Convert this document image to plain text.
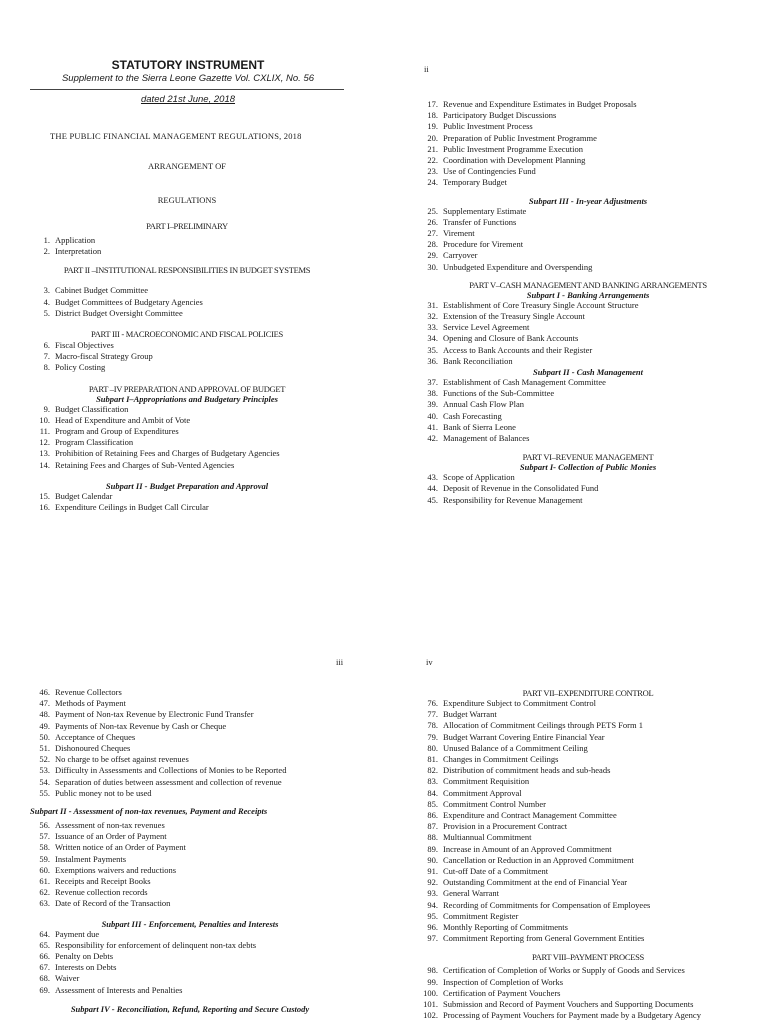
ii
iii	iv
STATUTORY INSTRUMENT
Supplement to the Sierra Leone Gazette Vol. CXLIX, No. 56
dated 21st June, 2018
THE PUBLIC FINANCIAL MANAGEMENT REGULATIONS, 2018
ARRANGEMENT OF
REGULATIONS
PART I–PRELIMINARY
1. Application
2. Interpretation
PART II –INSTITUTIONAL RESPONSIBILITIES IN BUDGET SYSTEMS
3. Cabinet Budget Committee
4. Budget Committees of Budgetary Agencies
5. District Budget Oversight Committee
PART III - MACROECONOMIC AND FISCAL POLICIES
6. Fiscal Objectives
7. Macro-fiscal Strategy Group
8. Policy Costing
PART –IV PREPARATION AND APPROVAL OF BUDGET
Subpart I–Appropriations and Budgetary Principles
9. Budget Classification
10. Head of Expenditure and Ambit of Vote
11. Program and Group of Expenditures
12. Program Classification
13. Prohibition of Retaining Fees and Charges of Budgetary Agencies
14. Retaining Fees and Charges of Sub-Vented Agencies
Subpart II - Budget Preparation and Approval
15. Budget Calendar
16. Expenditure Ceilings in Budget Call Circular
17. Revenue and Expenditure Estimates in Budget Proposals
18. Participatory Budget Discussions
19. Public Investment Process
20. Preparation of Public Investment Programme
21. Public Investment Programme Execution
22. Coordination with Development Planning
23. Use of Contingencies Fund
24. Temporary Budget
Subpart III - In-year Adjustments
25. Supplementary Estimate
26. Transfer of Functions
27. Virement
28. Procedure for Virement
29. Carryover
30. Unbudgeted Expenditure and Overspending
PART V–CASH MANAGEMENT AND BANKING ARRANGEMENTS
Subpart I - Banking Arrangements
31. Establishment of Core Treasury Single Account Structure
32. Extension of the Treasury Single Account
33. Service Level Agreement
34. Opening and Closure of Bank Accounts
35. Access to Bank Accounts and their Register
36. Bank Reconciliation
Subpart II - Cash Management
37. Establishment of Cash Management Committee
38. Functions of the Sub-Committee
39. Annual Cash Flow Plan
40. Cash Forecasting
41. Bank of Sierra Leone
42. Management of Balances
PART VI–REVENUE MANAGEMENT
Subpart I- Collection of Public Monies
43. Scope of Application
44. Deposit of Revenue in the Consolidated Fund
45. Responsibility for Revenue Management
46. Revenue Collectors
47. Methods of Payment
48. Payment of Non-tax Revenue by Electronic Fund Transfer
49. Payments of Non-tax Revenue by Cash or Cheque
50. Acceptance of Cheques
51. Dishonoured Cheques
52. No charge to be offset against revenues
53. Difficulty in Assessments and Collections of Monies to be Reported
54. Separation of duties between assessment and collection of revenue
55. Public money not to be used
Subpart II - Assessment of non-tax revenues, Payment and Receipts
56. Assessment of non-tax revenues
57. Issuance of an Order of Payment
58. Written notice of an Order of Payment
59. Instalment Payments
60. Exemptions waivers and reductions
61. Receipts and Receipt Books
62. Revenue collection records
63. Date of Record of the Transaction
Subpart III - Enforcement, Penalties and Interests
64. Payment due
65. Responsibility for enforcement of delinquent non-tax debts
66. Penalty on Debts
67. Interests on Debts
68. Waiver
69. Assessment of Interests and Penalties
Subpart IV - Reconciliation, Refund, Reporting and Secure Custody
PART VII–EXPENDITURE CONTROL
76. Expenditure Subject to Commitment Control
77. Budget Warrant
78. Allocation of Commitment Ceilings through PETS Form 1
79. Budget Warrant Covering Entire Financial Year
80. Unused Balance of a Commitment Ceiling
81. Changes in Commitment Ceilings
82. Distribution of commitment heads and sub-heads
83. Commitment Requisition
84. Commitment Approval
85. Commitment Control Number
86. Expenditure and Contract Management Committee
87. Provision in a Procurement Contract
88. Multiannual Commitment
89. Increase in Amount of an Approved Commitment
90. Cancellation or Reduction in an Approved Commitment
91. Cut-off Date of a Commitment
92. Outstanding Commitment at the end of Financial Year
93. General Warrant
94. Recording of Commitments for Compensation of Employees
95. Commitment Register
96. Monthly Reporting of Commitments
97. Commitment Reporting from General Government Entities
PART VIII–PAYMENT PROCESS
98. Certification of Completion of Works or Supply of Goods and Services
99. Inspection of Completion of Works
100. Certification of Payment Vouchers
101. Submission and Record of Payment Vouchers and Supporting Documents
102. Processing of Payment Vouchers for Payment made by a Budgetary Agency
